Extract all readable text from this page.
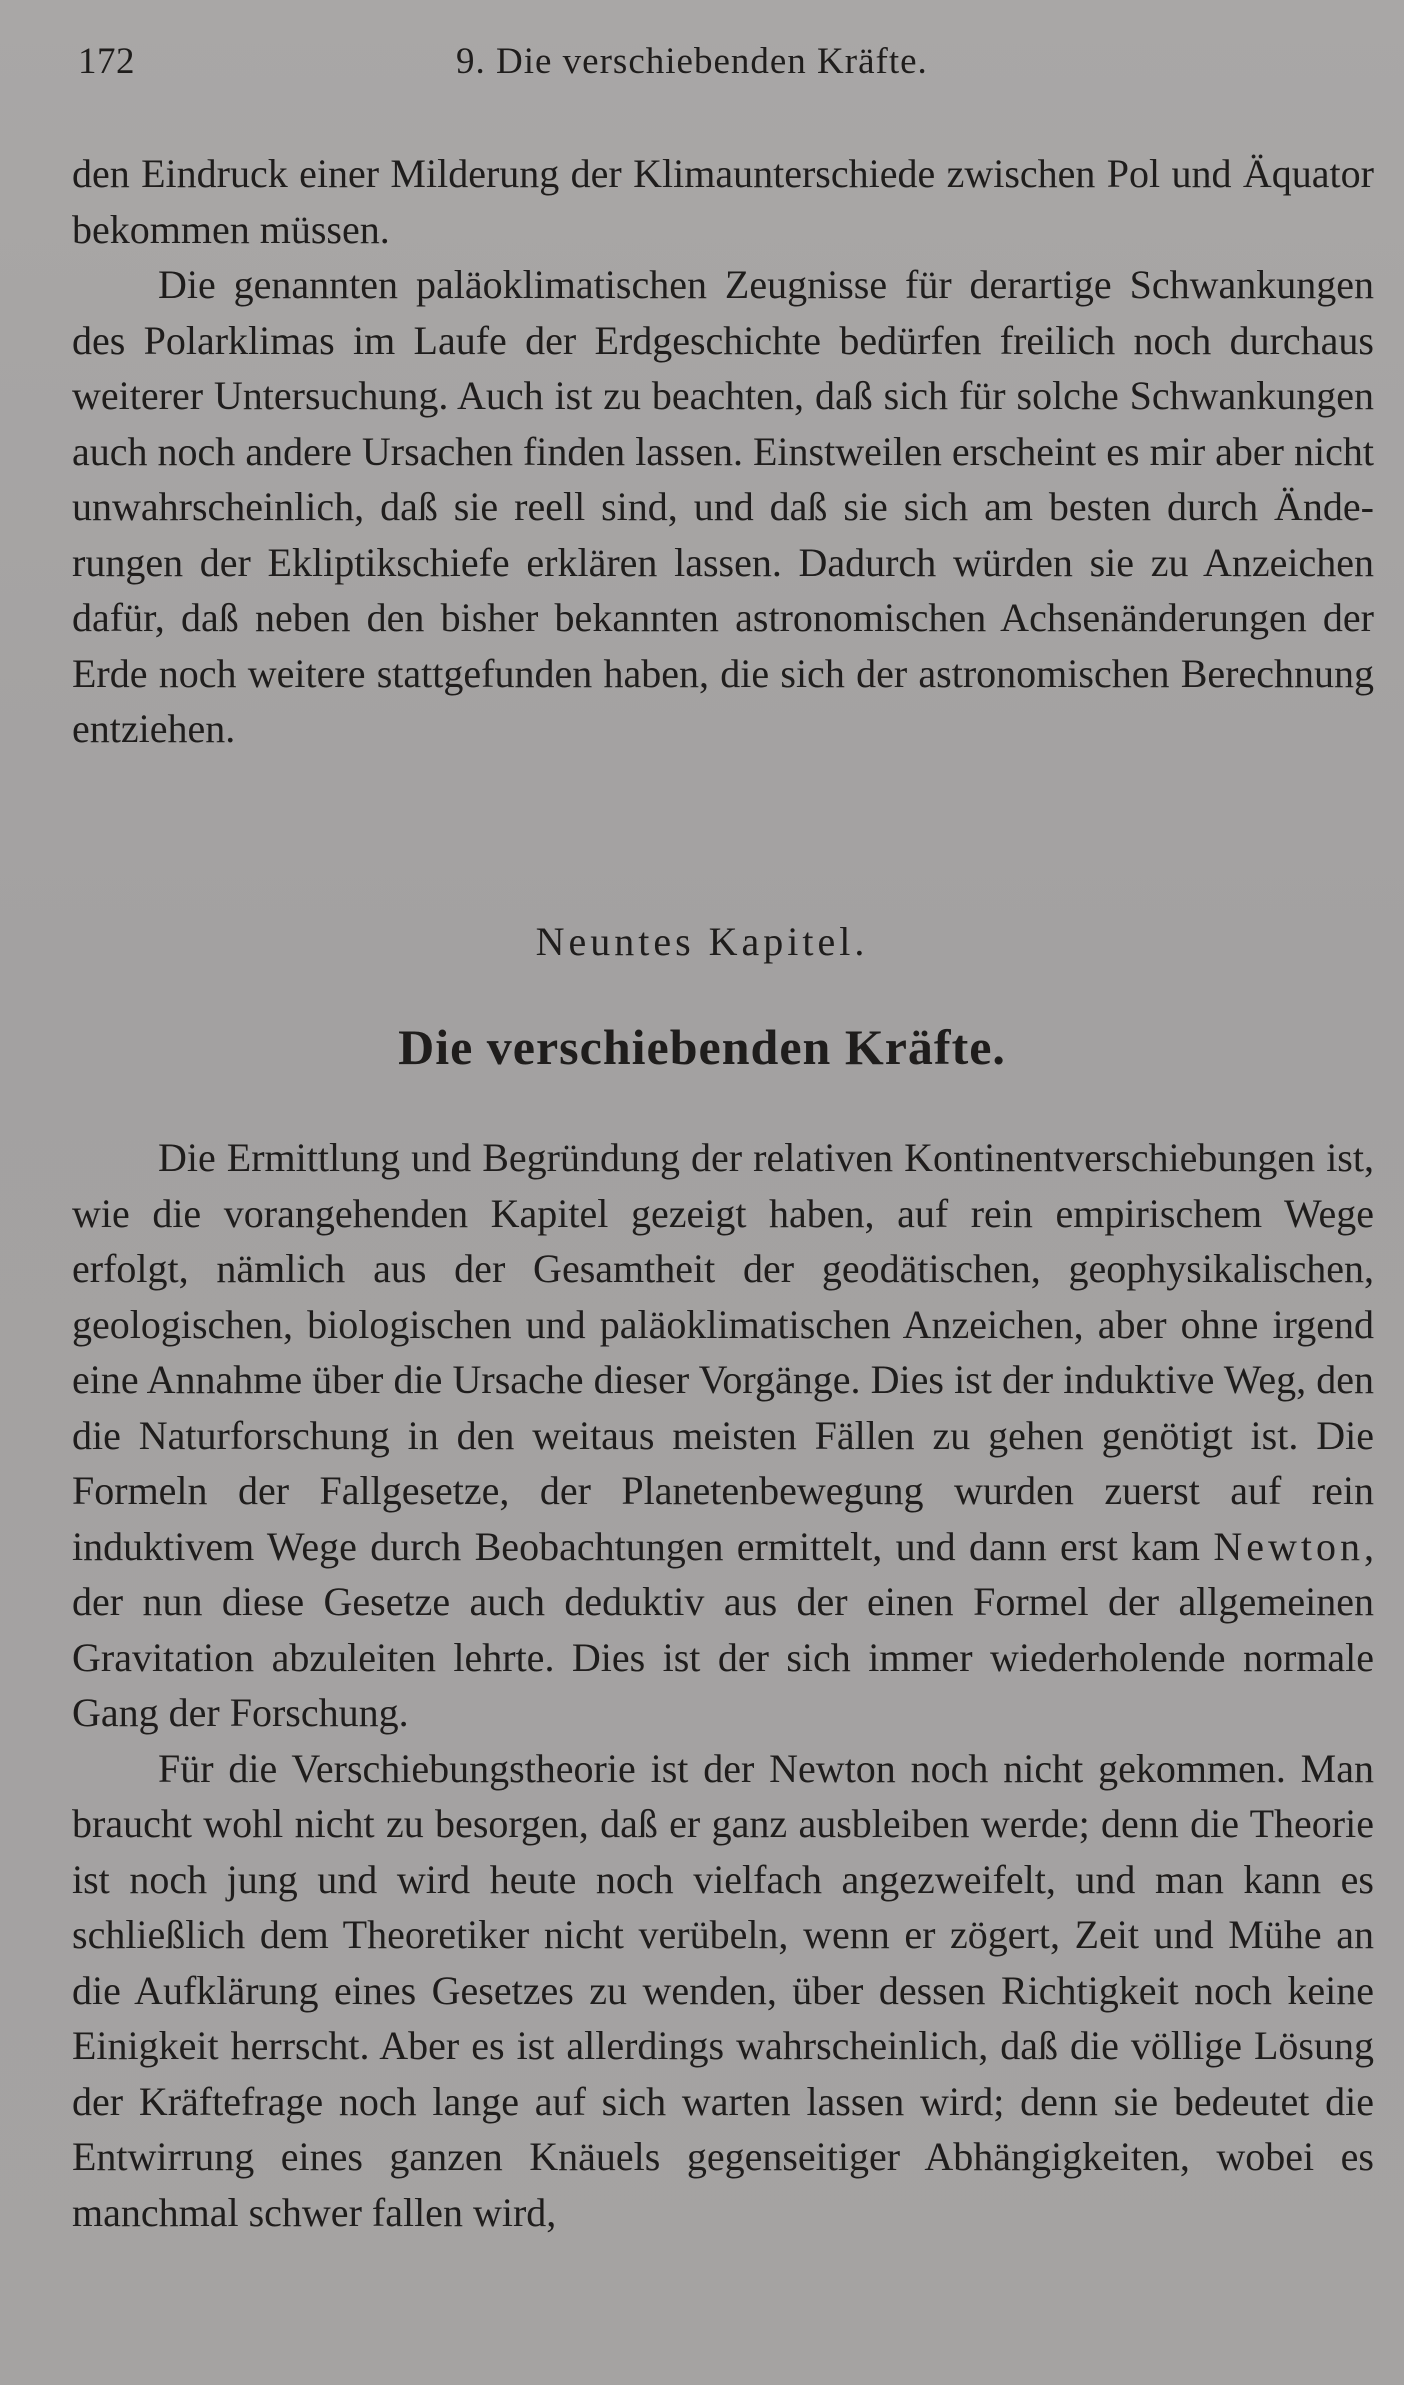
172	9. Die verschiebenden Kräfte.

den Eindruck einer Milderung der Klimaunterschiede zwischen Pol und Äquator bekommen müssen.

Die genannten paläoklimatischen Zeugnisse für derartige Schwankungen des Polarklimas im Laufe der Erdgeschichte bedürfen freilich noch durchaus weiterer Untersuchung. Auch ist zu beachten, daß sich für solche Schwankungen auch noch andere Ursachen finden lassen. Einstweilen erscheint es mir aber nicht unwahrscheinlich, daß sie reell sind, und daß sie sich am besten durch Änderungen der Ekliptikschiefe erklären lassen. Dadurch würden sie zu Anzeichen dafür, daß neben den bisher bekannten astronomischen Achsenänderungen der Erde noch weitere stattgefunden haben, die sich der astronomischen Berechnung entziehen.

Neuntes Kapitel.
Die verschiebenden Kräfte.

Die Ermittlung und Begründung der relativen Kontinentverschiebungen ist, wie die vorangehenden Kapitel gezeigt haben, auf rein empirischem Wege erfolgt, nämlich aus der Gesamtheit der geodätischen, geophysikalischen, geologischen, biologischen und paläoklimatischen Anzeichen, aber ohne irgend eine Annahme über die Ursache dieser Vorgänge. Dies ist der induktive Weg, den die Naturforschung in den weitaus meisten Fällen zu gehen genötigt ist. Die Formeln der Fallgesetze, der Planetenbewegung wurden zuerst auf rein induktivem Wege durch Beobachtungen ermittelt, und dann erst kam Newton, der nun diese Gesetze auch deduktiv aus der einen Formel der allgemeinen Gravitation abzuleiten lehrte. Dies ist der sich immer wiederholende normale Gang der Forschung.

Für die Verschiebungstheorie ist der Newton noch nicht gekommen. Man braucht wohl nicht zu besorgen, daß er ganz ausbleiben werde; denn die Theorie ist noch jung und wird heute noch vielfach angezweifelt, und man kann es schließlich dem Theoretiker nicht verübeln, wenn er zögert, Zeit und Mühe an die Aufklärung eines Gesetzes zu wenden, über dessen Richtigkeit noch keine Einigkeit herrscht. Aber es ist allerdings wahrscheinlich, daß die völlige Lösung der Kräftefrage noch lange auf sich warten lassen wird; denn sie bedeutet die Entwirrung eines ganzen Knäuels gegenseitiger Abhängigkeiten, wobei es manchmal schwer fallen wird,
